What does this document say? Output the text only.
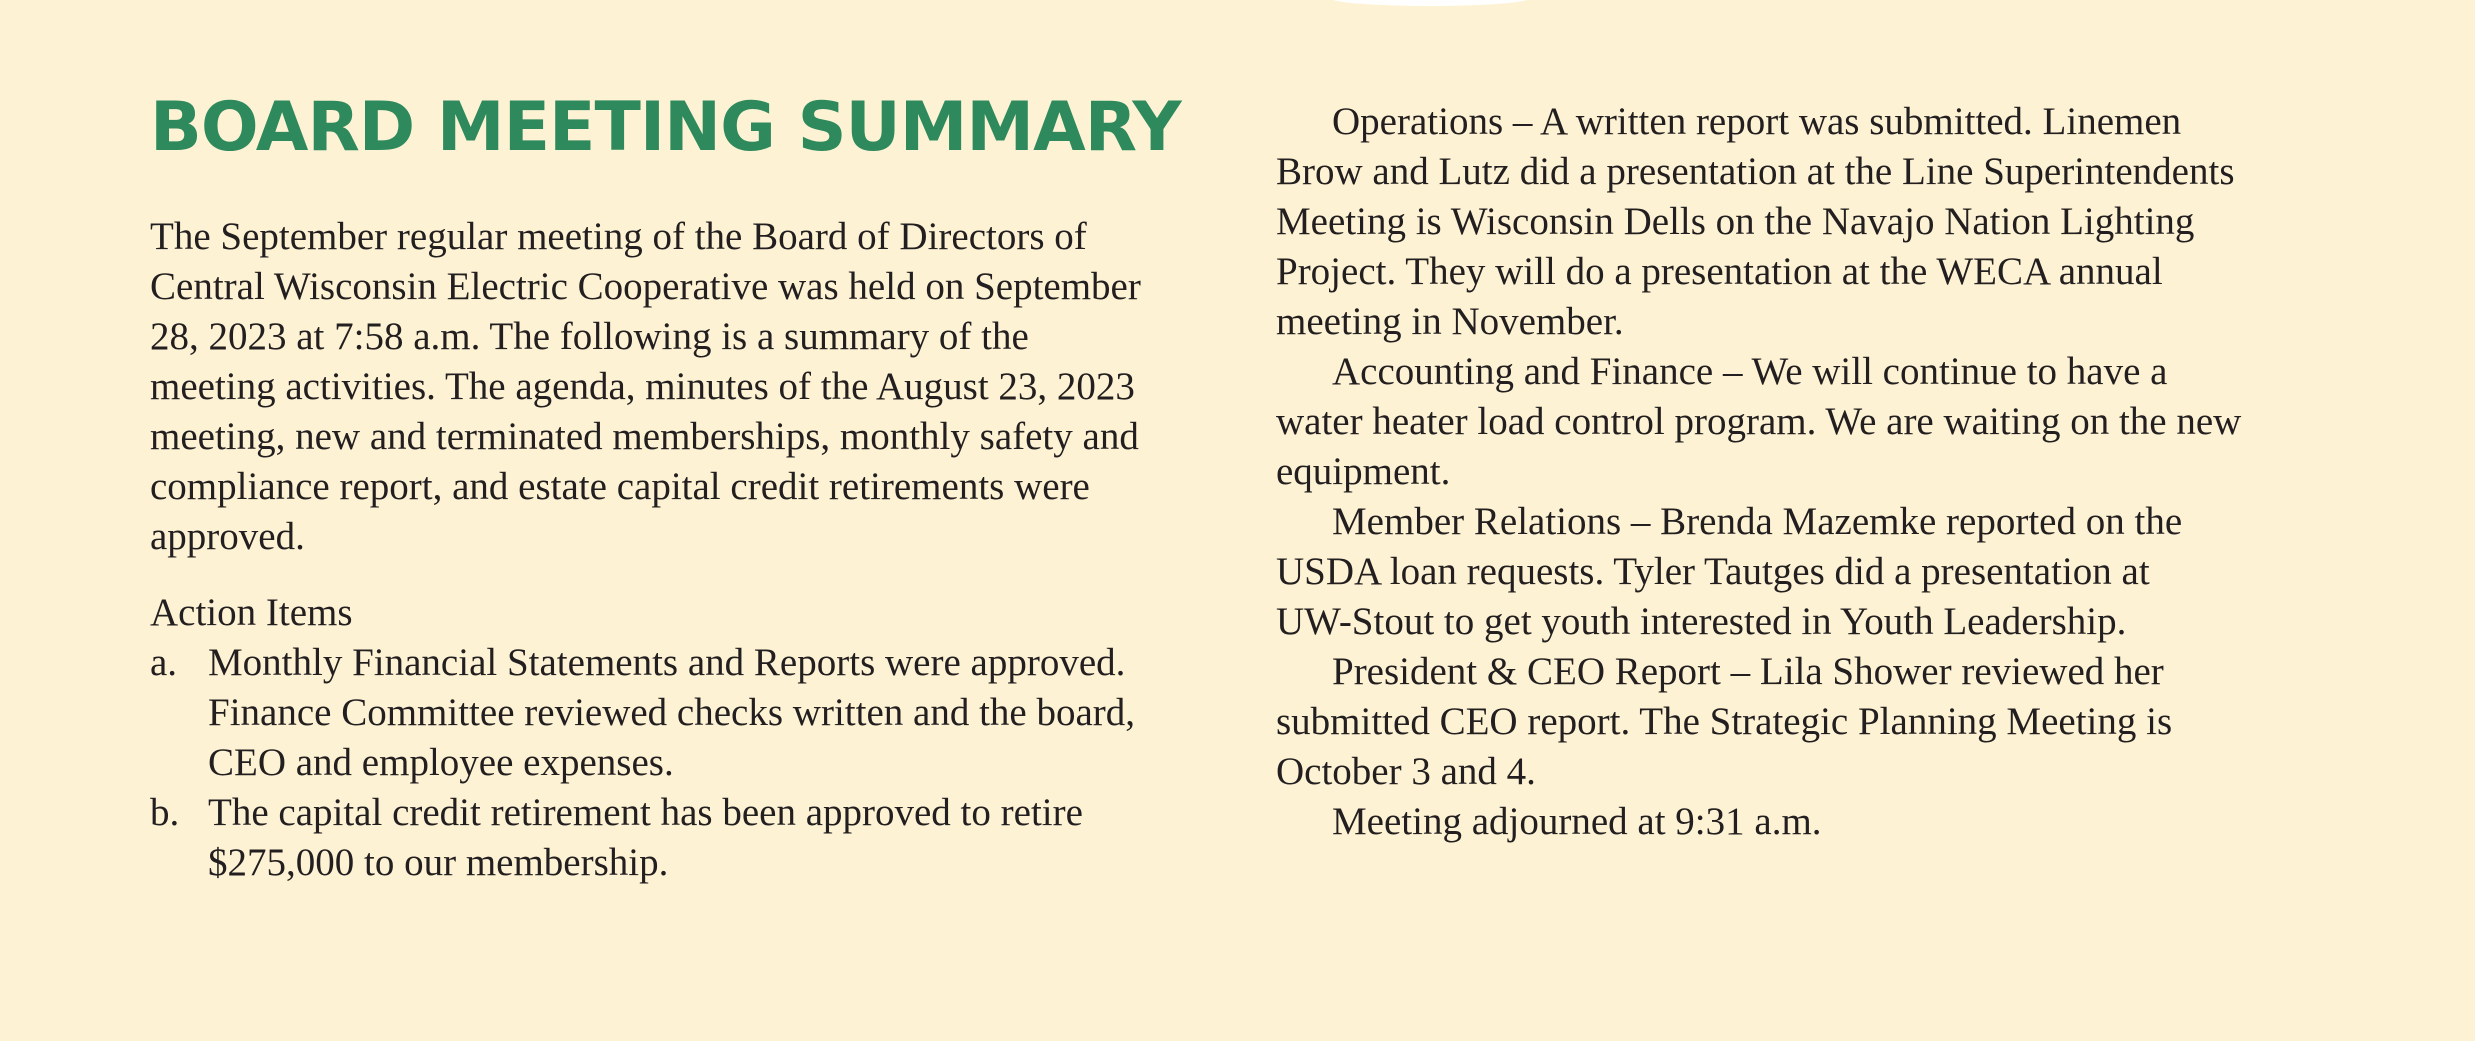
BOARD MEETING SUMMARY

The September regular meeting of the Board of Directors of
Central Wisconsin Electric Cooperative was held on September
28, 2023 at 7:58 a.m. The following is a summary of the
meeting activities. The agenda, minutes of the August 23, 2023
meeting, new and terminated memberships, monthly safety and
compliance report, and estate capital credit retirements were
approved.

Action Items

a. Monthly Financial Statements and Reports were approved.
Finance Committee reviewed checks written and the board,
CEO and employee expenses.
b. The capital credit retirement has been approved to retire
$275,000 to our membership.

Operations – A written report was submitted. Linemen

Brow and Lutz did a presentation at the Line Superintendents

Meeting is Wisconsin Dells on the Navajo Nation Lighting

Project. They will do a presentation at the WECA annual

meeting in November.

Accounting and Finance – We will continue to have a

water heater load control program. We are waiting on the new

equipment.

Member Relations – Brenda Mazemke reported on the

USDA loan requests. Tyler Tautges did a presentation at

UW-Stout to get youth interested in Youth Leadership.

President & CEO Report – Lila Shower reviewed her

submitted CEO report. The Strategic Planning Meeting is

October 3 and 4.

Meeting adjourned at 9:31 a.m.
